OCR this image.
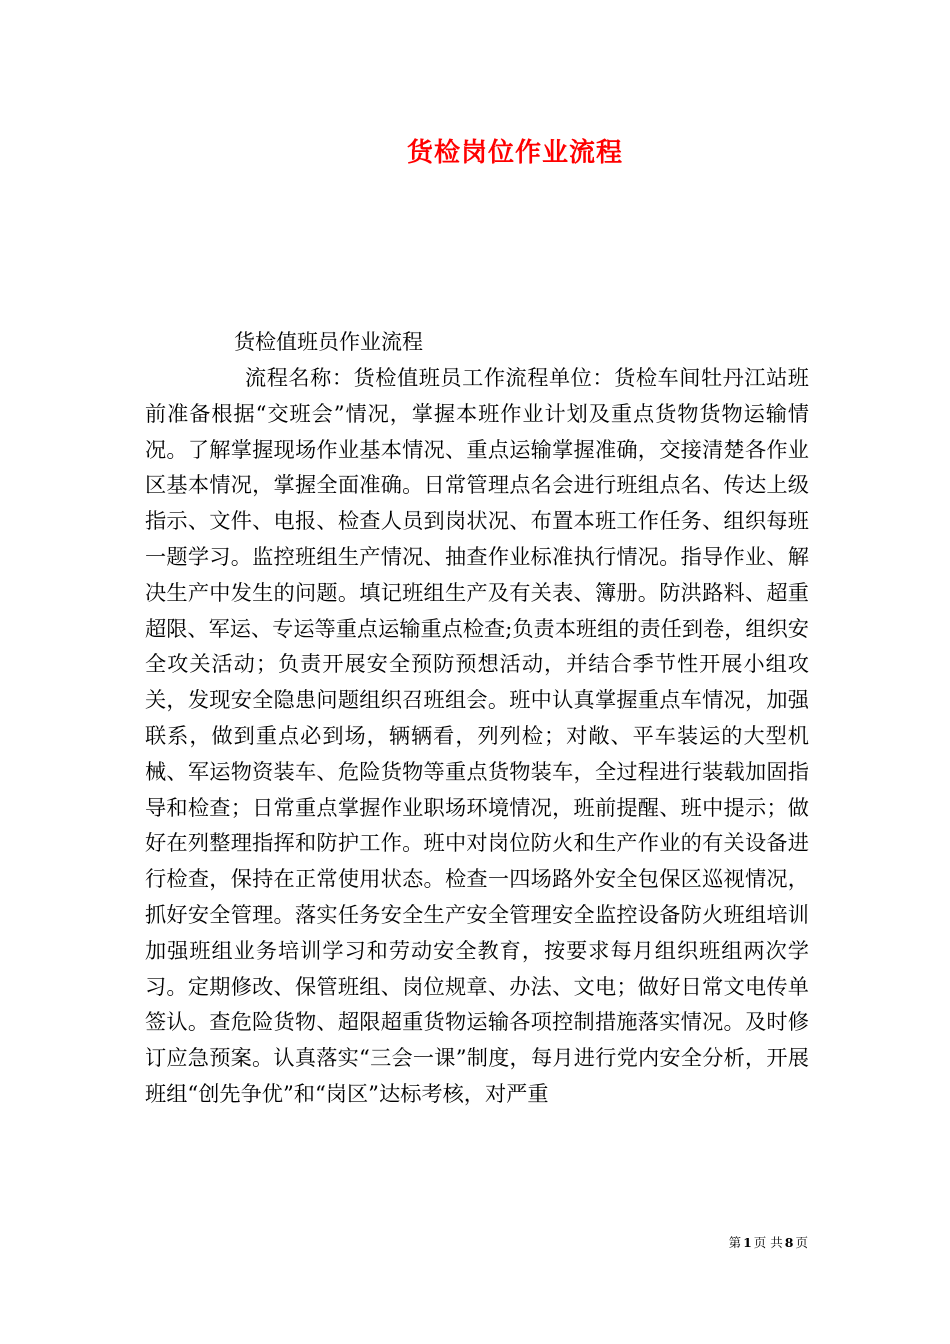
货检岗位作业流程
货检值班员作业流程

流程名称：货检值班员工作流程单位：货检车间牡丹江站班前准备根据“交班会”情况，掌握本班作业计划及重点货物货物运输情况。了解掌握现场作业基本情况、重点运输掌握准确，交接清楚各作业区基本情况，掌握全面准确。日常管理点名会进行班组点名、传达上级指示、文件、电报、检查人员到岗状况、布置本班工作任务、组织每班一题学习。监控班组生产情况、抽查作业标准执行情况。指导作业、解决生产中发生的问题。填记班组生产及有关表、簿册。防洪路料、超重超限、军运、专运等重点运输重点检查;负责本班组的责任到卷，组织安全攻关活动；负责开展安全预防预想活动，并结合季节性开展小组攻关，发现安全隐患问题组织召班组会。班中认真掌握重点车情况，加强联系，做到重点必到场，辆辆看，列列检；对敞、平车装运的大型机械、军运物资装车、危险货物等重点货物装车，全过程进行装载加固指导和检查；日常重点掌握作业职场环境情况，班前提醒、班中提示；做好在列整理指挥和防护工作。班中对岗位防火和生产作业的有关设备进行检查，保持在正常使用状态。检查一四场路外安全包保区巡视情况，抓好安全管理。落实任务安全生产安全管理安全监控设备防火班组培训加强班组业务培训学习和劳动安全教育，按要求每月组织班组两次学习。定期修改、保管班组、岗位规章、办法、文电；做好日常文电传单签认。查危险货物、超限超重货物运输各项控制措施落实情况。及时修订应急预案。认真落实“三会一课”制度，每月进行党内安全分析，开展班组“创先争优”和“岗区”达标考核，对严重

第 1 页 共 8 页
